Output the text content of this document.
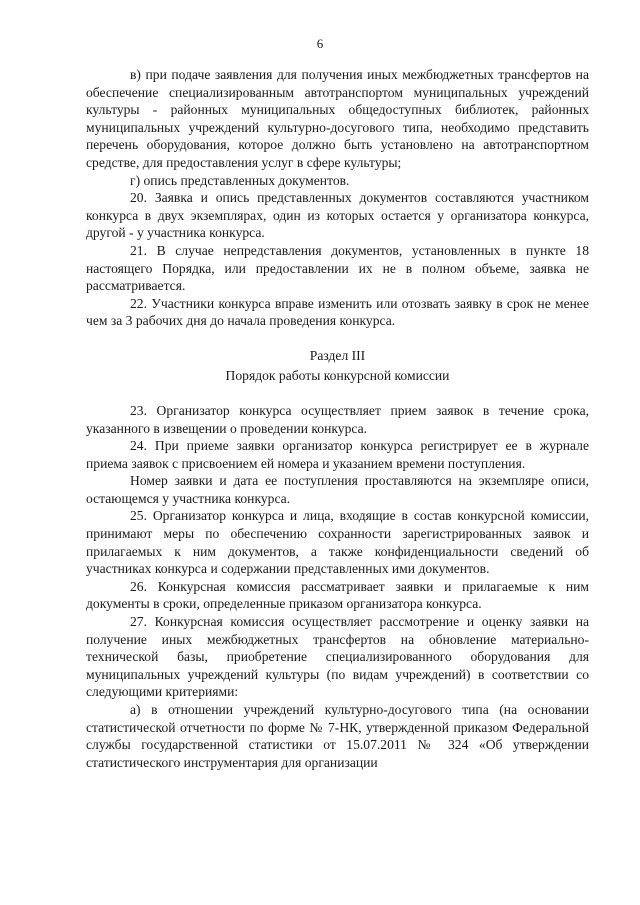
6

в) при подаче заявления для получения иных межбюджетных трансфертов на обеспечение специализированным автотранспортом муниципальных учреждений культуры - районных муниципальных общедоступных библиотек, районных муниципальных учреждений культурно-досугового типа, необходимо представить перечень оборудования, которое должно быть установлено на автотранспортном средстве, для предоставления услуг в сфере культуры;

г) опись представленных документов.

20. Заявка и опись представленных документов составляются участником конкурса в двух экземплярах, один из которых остается у организатора конкурса, другой - у участника конкурса.

21. В случае непредставления документов, установленных в пункте 18 настоящего Порядка, или предоставлении их не в полном объеме, заявка не рассматривается.

22. Участники конкурса вправе изменить или отозвать заявку в срок не менее чем за 3 рабочих дня до начала проведения конкурса.

Раздел III

Порядок работы конкурсной комиссии

23. Организатор конкурса осуществляет прием заявок в течение срока, указанного в извещении о проведении конкурса.

24. При приеме заявки организатор конкурса регистрирует ее в журнале приема заявок с присвоением ей номера и указанием времени поступления.

Номер заявки и дата ее поступления проставляются на экземпляре описи, остающемся у участника конкурса.

25. Организатор конкурса и лица, входящие в состав конкурсной комиссии, принимают меры по обеспечению сохранности зарегистрированных заявок и прилагаемых к ним документов, а также конфиденциальности сведений об участниках конкурса и содержании представленных ими документов.

26. Конкурсная комиссия рассматривает заявки и прилагаемые к ним документы в сроки, определенные приказом организатора конкурса.

27. Конкурсная комиссия осуществляет рассмотрение и оценку заявки на получение иных межбюджетных трансфертов на обновление материально-технической базы, приобретение специализированного оборудования для муниципальных учреждений культуры (по видам учреждений) в соответствии со следующими критериями:

а) в отношении учреждений культурно-досугового типа (на основании статистической отчетности по форме № 7-НК, утвержденной приказом Федеральной службы государственной статистики от 15.07.2011 № 324 «Об утверждении статистического инструментария для организации
